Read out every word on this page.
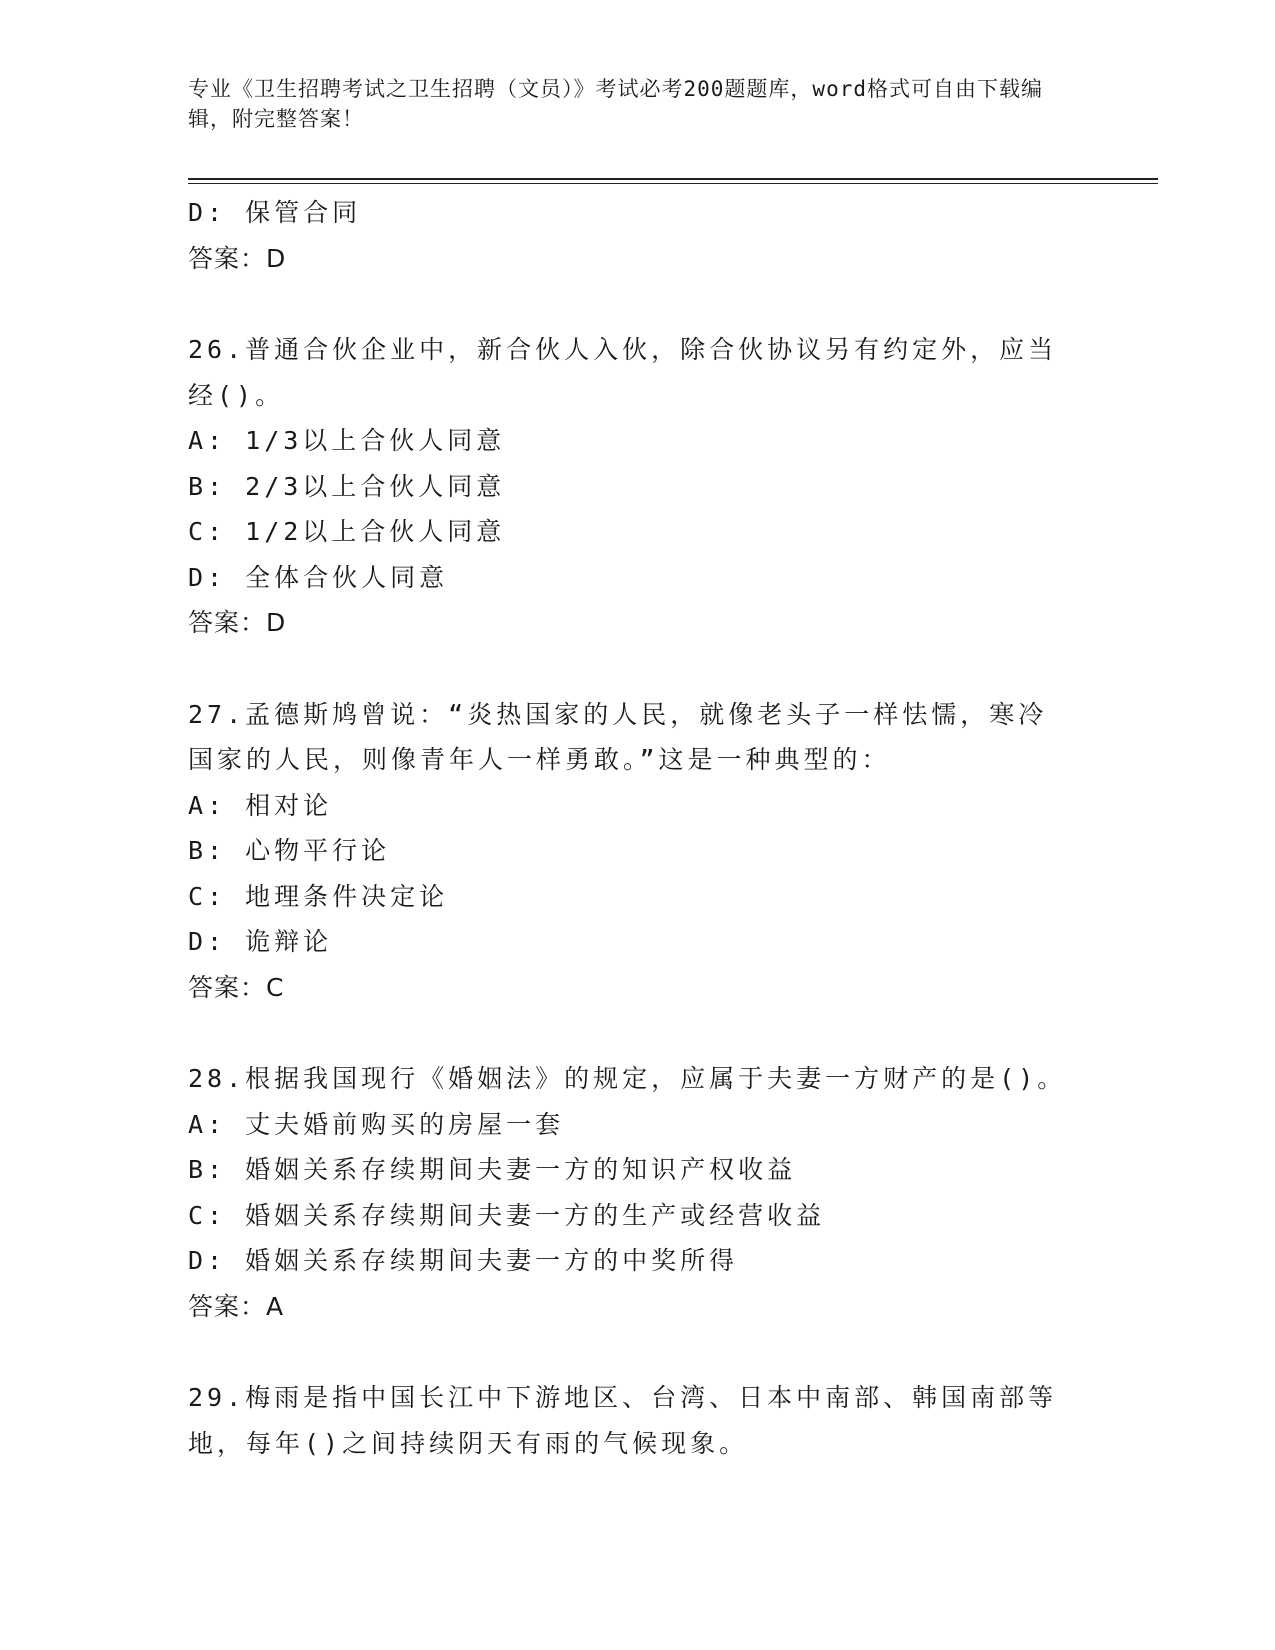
专业《卫生招聘考试之卫生招聘（文员）》考试必考200题题库，word格式可自由下载编辑，附完整答案！
D: 保管合同
答案：D
26.普通合伙企业中，新合伙人入伙，除合伙协议另有约定外，应当经()。
A: 1/3以上合伙人同意
B: 2/3以上合伙人同意
C: 1/2以上合伙人同意
D: 全体合伙人同意
答案：D
27.孟德斯鸠曾说：“炎热国家的人民，就像老头子一样怯懦，寒冷国家的人民，则像青年人一样勇敢。”这是一种典型的：
A: 相对论
B: 心物平行论
C: 地理条件决定论
D: 诡辩论
答案：C
28.根据我国现行《婚姻法》的规定，应属于夫妻一方财产的是()。
A: 丈夫婚前购买的房屋一套
B: 婚姻关系存续期间夫妻一方的知识产权收益
C: 婚姻关系存续期间夫妻一方的生产或经营收益
D: 婚姻关系存续期间夫妻一方的中奖所得
答案：A
29.梅雨是指中国长江中下游地区、台湾、日本中南部、韩国南部等地，每年()之间持续阴天有雨的气候现象。
